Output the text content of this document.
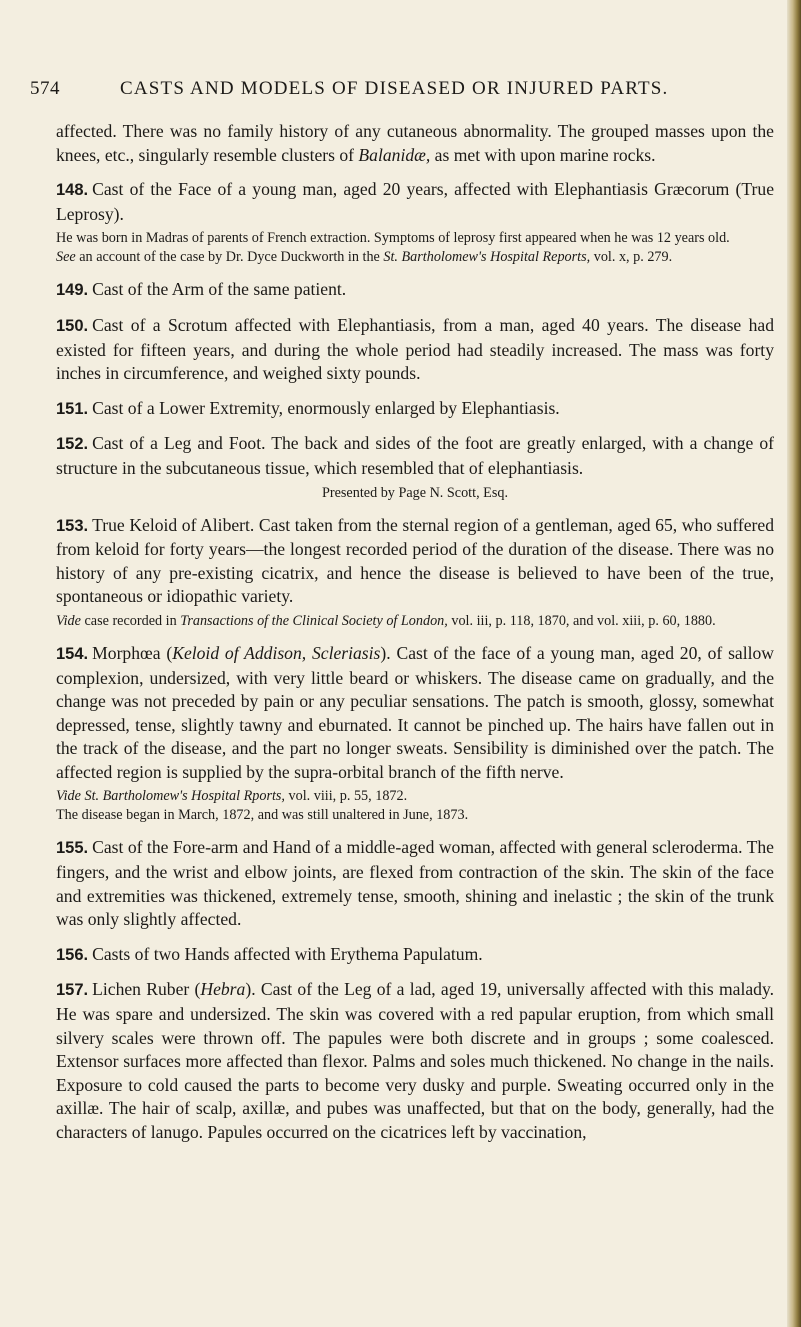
574	CASTS AND MODELS OF DISEASED OR INJURED PARTS.

affected. There was no family history of any cutaneous abnormality. The grouped masses upon the knees, etc., singularly resemble clusters of Balanidæ, as met with upon marine rocks.

148. Cast of the Face of a young man, aged 20 years, affected with Elephantiasis Græcorum (True Leprosy).

He was born in Madras of parents of French extraction. Symptoms of leprosy first appeared when he was 12 years old.

See an account of the case by Dr. Dyce Duckworth in the St. Bartholomew's Hospital Reports, vol. x, p. 279.

149. Cast of the Arm of the same patient.

150. Cast of a Scrotum affected with Elephantiasis, from a man, aged 40 years. The disease had existed for fifteen years, and during the whole period had steadily increased. The mass was forty inches in circumference, and weighed sixty pounds.

151. Cast of a Lower Extremity, enormously enlarged by Elephantiasis.

152. Cast of a Leg and Foot. The back and sides of the foot are greatly enlarged, with a change of structure in the subcutaneous tissue, which resembled that of elephantiasis.

Presented by Page N. Scott, Esq.

153. True Keloid of Alibert. Cast taken from the sternal region of a gentleman, aged 65, who suffered from keloid for forty years—the longest recorded period of the duration of the disease. There was no history of any pre-existing cicatrix, and hence the disease is believed to have been of the true, spontaneous or idiopathic variety.

Vide case recorded in Transactions of the Clinical Society of London, vol. iii, p. 118, 1870, and vol. xiii, p. 60, 1880.

154. Morphœa (Keloid of Addison, Scleriasis). Cast of the face of a young man, aged 20, of sallow complexion, undersized, with very little beard or whiskers. The disease came on gradually, and the change was not preceded by pain or any peculiar sensations. The patch is smooth, glossy, somewhat depressed, tense, slightly tawny and eburnated. It cannot be pinched up. The hairs have fallen out in the track of the disease, and the part no longer sweats. Sensibility is diminished over the patch. The affected region is supplied by the supra-orbital branch of the fifth nerve.

Vide St. Bartholomew's Hospital Rports, vol. viii, p. 55, 1872.

The disease began in March, 1872, and was still unaltered in June, 1873.

155. Cast of the Fore-arm and Hand of a middle-aged woman, affected with general scleroderma. The fingers, and the wrist and elbow joints, are flexed from contraction of the skin. The skin of the face and extremities was thickened, extremely tense, smooth, shining and inelastic ; the skin of the trunk was only slightly affected.

156. Casts of two Hands affected with Erythema Papulatum.

157. Lichen Ruber (Hebra). Cast of the Leg of a lad, aged 19, universally affected with this malady. He was spare and undersized. The skin was covered with a red papular eruption, from which small silvery scales were thrown off. The papules were both discrete and in groups ; some coalesced. Extensor surfaces more affected than flexor. Palms and soles much thickened. No change in the nails. Exposure to cold caused the parts to become very dusky and purple. Sweating occurred only in the axillæ. The hair of scalp, axillæ, and pubes was unaffected, but that on the body, generally, had the characters of lanugo. Papules occurred on the cicatrices left by vaccination,
